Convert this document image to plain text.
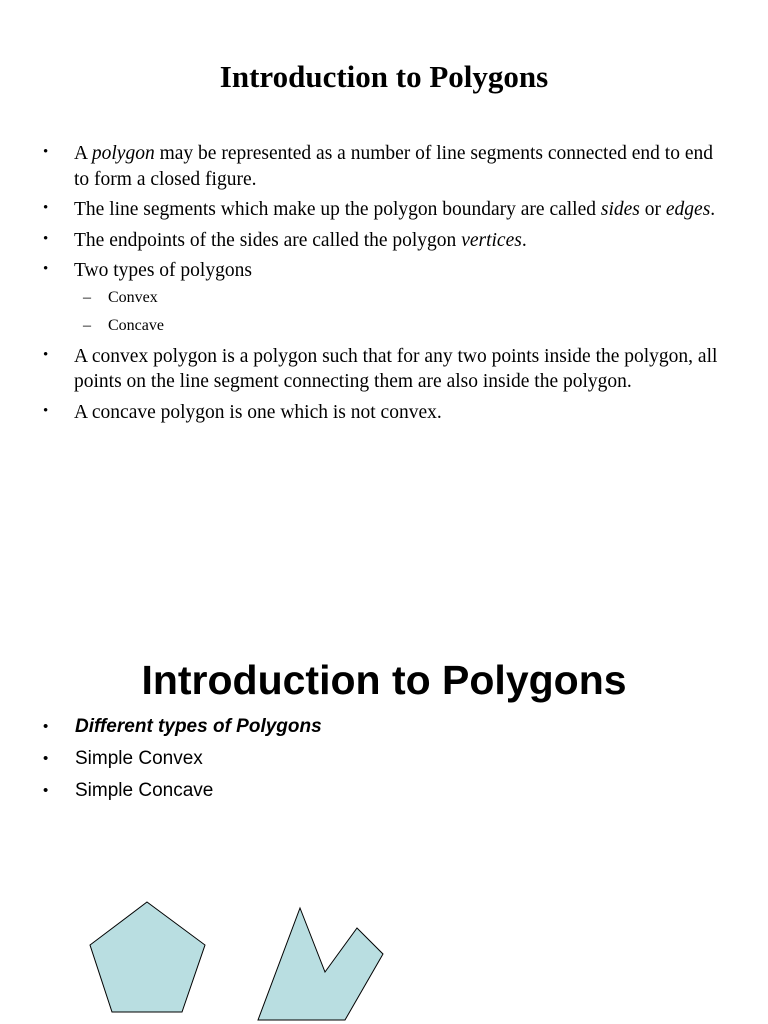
Introduction to Polygons
• A polygon may be represented as a number of line segments connected end to end to form a closed figure.
• The line segments which make up the polygon boundary are called sides or edges.
• The endpoints of the sides are called the polygon vertices.
• Two types of polygons
– Convex
– Concave
• A convex polygon is a polygon such that for any two points inside the polygon, all points on the line segment connecting them are also inside the polygon.
• A concave polygon is one which is not convex.
Introduction to Polygons
• Different types of Polygons
• Simple Convex
• Simple Concave
